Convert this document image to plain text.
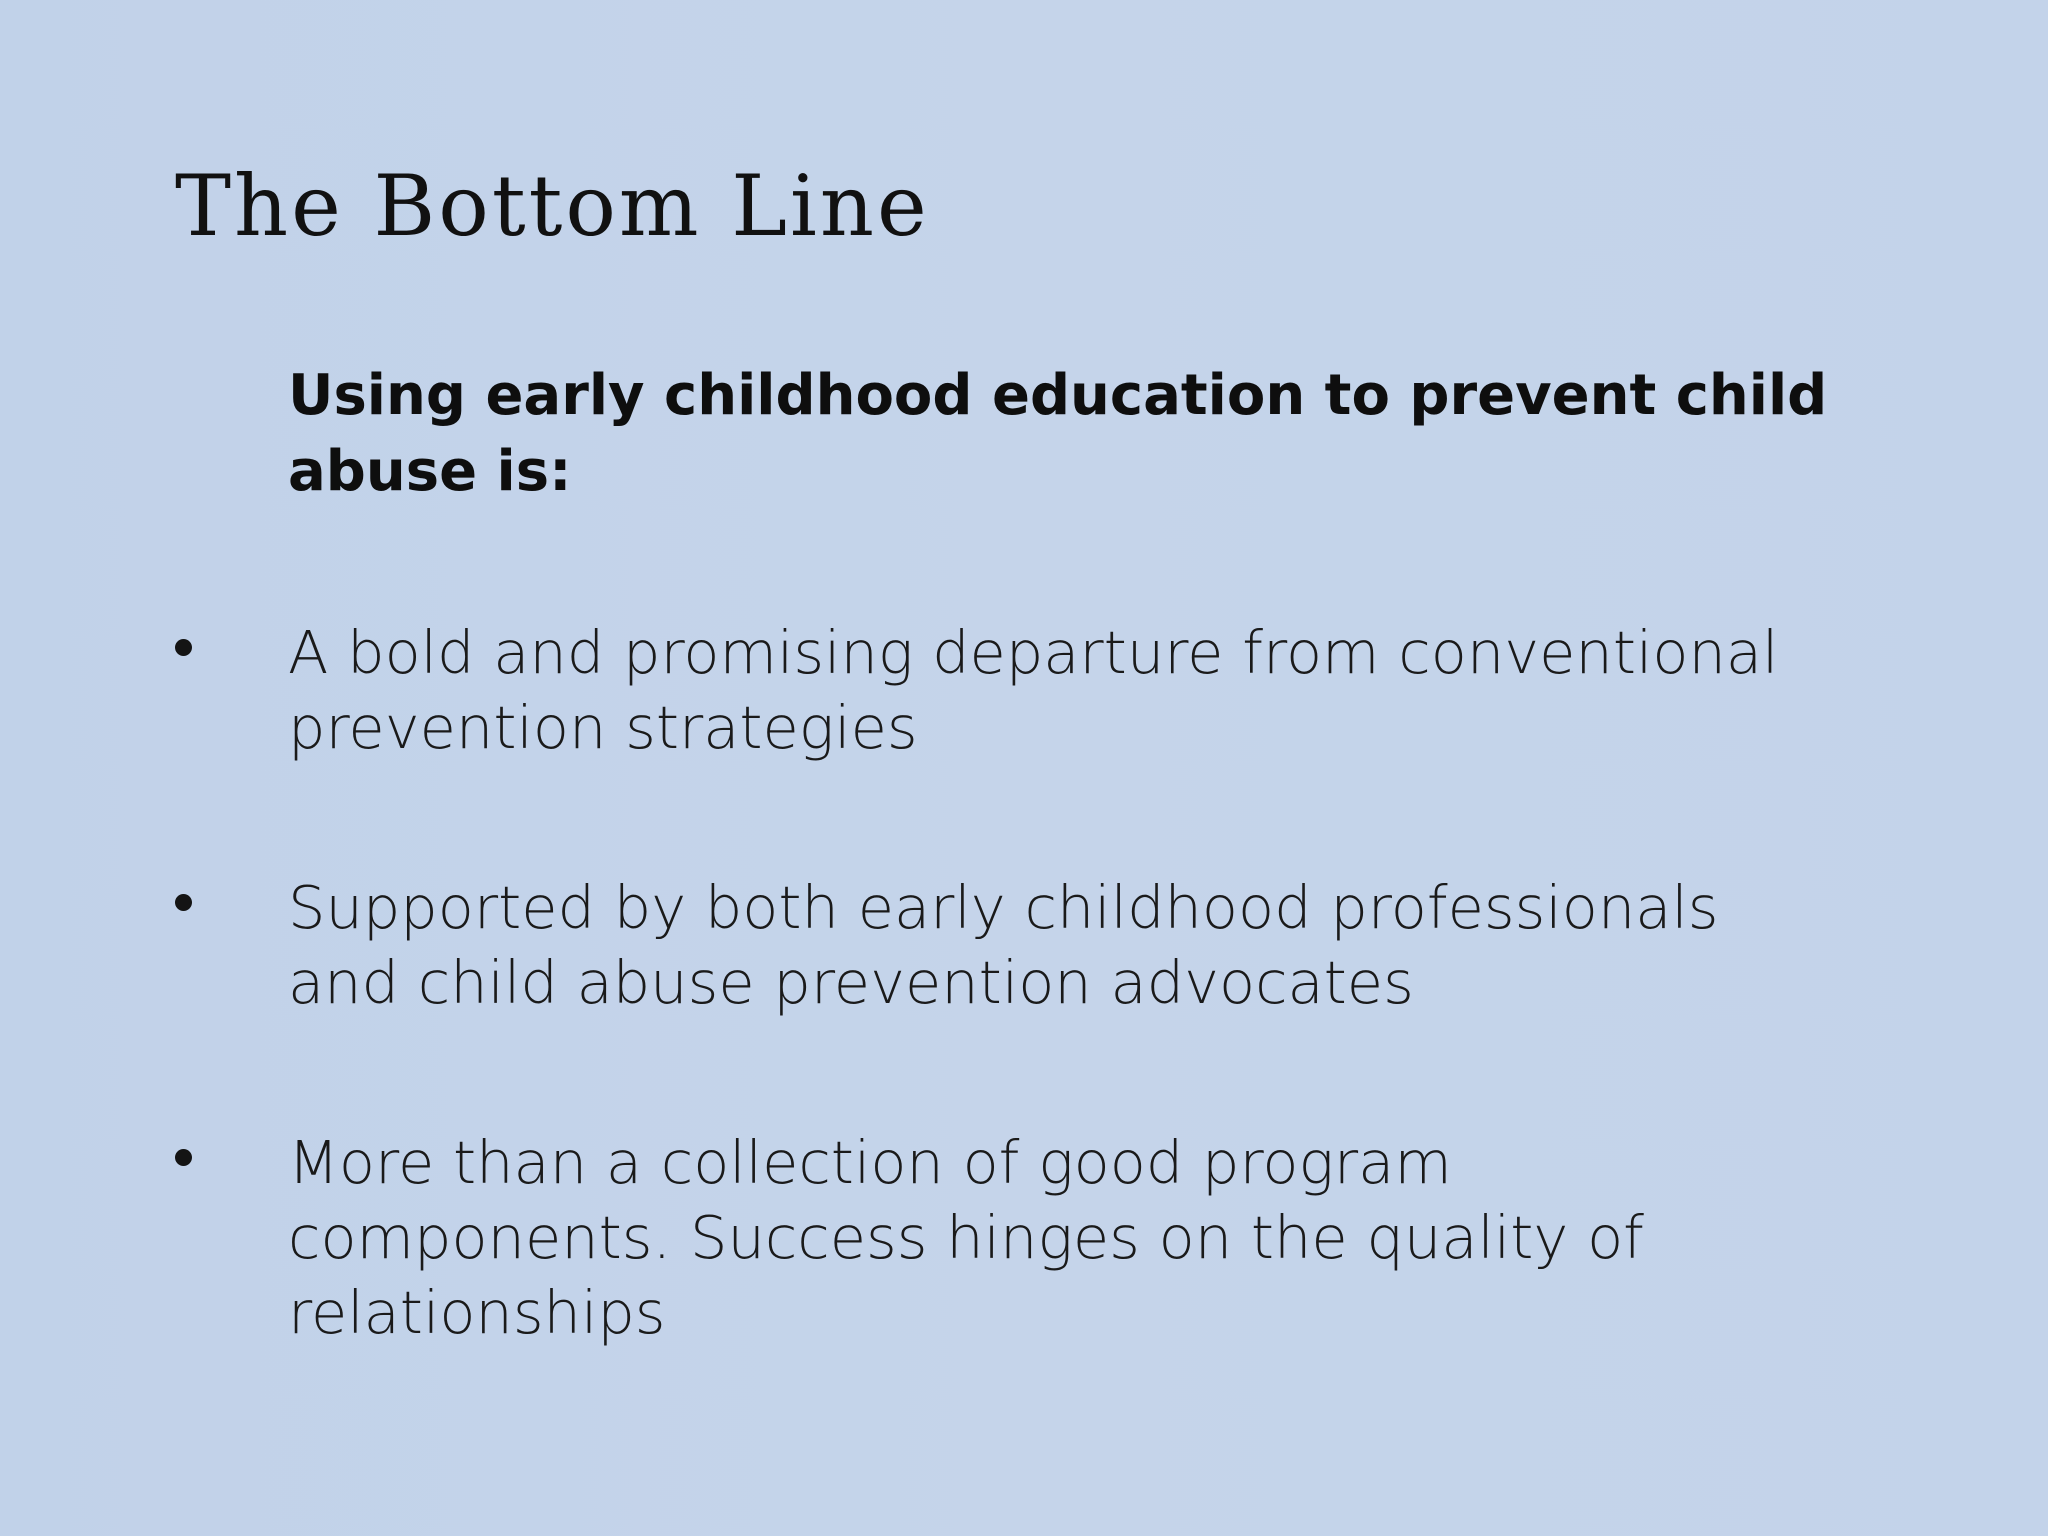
The Bottom Line
Using early childhood education to prevent child abuse is:
A bold and promising departure from conventional prevention strategies
Supported by both early childhood professionals and child abuse prevention advocates
More than a collection of good program components. Success hinges on the quality of relationships
